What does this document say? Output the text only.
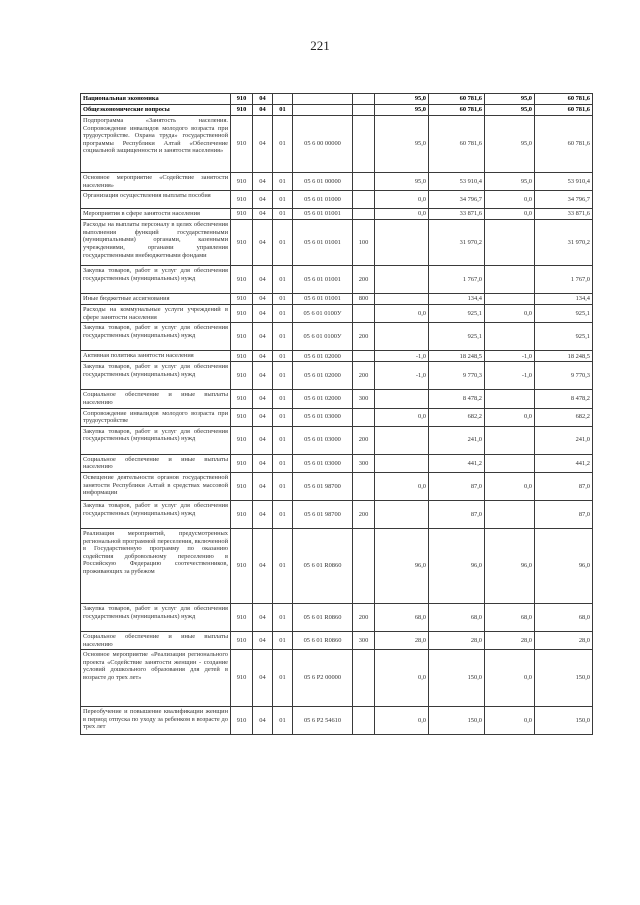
221
Национальная экономика	910	04				95,0	60 781,6	95,0	60 781,6
Общеэкономические вопросы	910	04	01			95,0	60 781,6	95,0	60 781,6
Подпрограмма «Занятость населения. Сопровождение инвалидов молодого возраста при трудоустройстве. Охрана труда» государственной программы Республики Алтай «Обеспечение социальной защищенности и занятости населения»	910	04	01	05 6 00 00000		95,0	60 781,6	95,0	60 781,6
Основное мероприятие «Содействие занятости населения»	910	04	01	05 6 01 00000		95,0	53 910,4	95,0	53 910,4
Организация осуществления выплаты пособия	910	04	01	05 6 01 01000		0,0	34 796,7	0,0	34 796,7
Мероприятия в сфере занятости населения	910	04	01	05 6 01 01001		0,0	33 871,6	0,0	33 871,6
Расходы на выплаты персоналу в целях обеспечения выполнения функций государственными (муниципальными) органами, казенными учреждениями, органами управления государственными внебюджетными фондами	910	04	01	05 6 01 01001	100		31 970,2		31 970,2
Закупка товаров, работ и услуг для обеспечения государственных (муниципальных) нужд	910	04	01	05 6 01 01001	200		1 767,0		1 767,0
Иные бюджетные ассигнования	910	04	01	05 6 01 01001	800		134,4		134,4
Расходы на коммунальные услуги учреждений в сфере занятости населения	910	04	01	05 6 01 0100У		0,0	925,1	0,0	925,1
Закупка товаров, работ и услуг для обеспечения государственных (муниципальных) нужд	910	04	01	05 6 01 0100У	200		925,1		925,1
Активная политика занятости населения	910	04	01	05 6 01 02000		-1,0	18 248,5	-1,0	18 248,5
Закупка товаров, работ и услуг для обеспечения государственных (муниципальных) нужд	910	04	01	05 6 01 02000	200	-1,0	9 770,3	-1,0	9 770,3
Социальное обеспечение и иные выплаты населению	910	04	01	05 6 01 02000	300		8 478,2		8 478,2
Сопровождение инвалидов молодого возраста при трудоустройстве	910	04	01	05 6 01 03000		0,0	682,2	0,0	682,2
Закупка товаров, работ и услуг для обеспечения государственных (муниципальных) нужд	910	04	01	05 6 01 03000	200		241,0		241,0
Социальное обеспечение и иные выплаты населению	910	04	01	05 6 01 03000	300		441,2		441,2
Освещение деятельности органов государственной занятости Республики Алтай в средствах массовой информации	910	04	01	05 6 01 98700		0,0	87,0	0,0	87,0
Закупка товаров, работ и услуг для обеспечения государственных (муниципальных) нужд	910	04	01	05 6 01 98700	200		87,0		87,0
Реализация мероприятий, предусмотренных региональной программой переселения, включенной в Государственную программу по оказанию содействия добровольному переселению в Российскую Федерацию соотечественников, проживающих за рубежом	910	04	01	05 6 01 R0860		96,0	96,0	96,0	96,0
Закупка товаров, работ и услуг для обеспечения государственных (муниципальных) нужд	910	04	01	05 6 01 R0860	200	68,0	68,0	68,0	68,0
Социальное обеспечение и иные выплаты населению	910	04	01	05 6 01 R0860	300	28,0	28,0	28,0	28,0
Основное мероприятие «Реализация регионального проекта «Содействие занятости женщин - создание условий дошкольного образования для детей в возрасте до трех лет»	910	04	01	05 6 P2 00000		0,0	150,0	0,0	150,0
Переобучение и повышение квалификации женщин в период отпуска по уходу за ребенком в возрасте до трех лет	910	04	01	05 6 P2 54610		0,0	150,0	0,0	150,0
